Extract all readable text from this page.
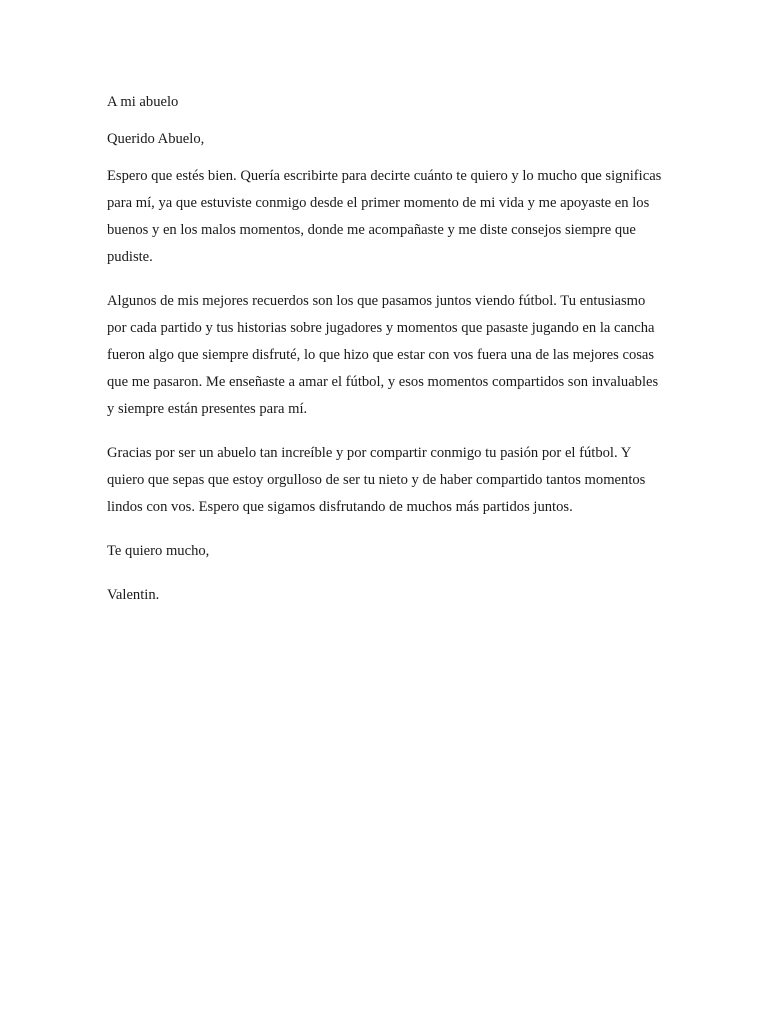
A mi abuelo

Querido Abuelo,

Espero que estés bien. Quería escribirte para decirte cuánto te quiero y lo mucho que significas para mí, ya que estuviste conmigo desde el primer momento de mi vida y me apoyaste en los buenos y en los malos momentos, donde me acompañaste y me diste consejos siempre que pudiste.

Algunos de mis mejores recuerdos son los que pasamos juntos viendo fútbol. Tu entusiasmo por cada partido y tus historias sobre jugadores y momentos que pasaste jugando en la cancha fueron algo que siempre disfruté, lo que hizo que estar con vos fuera una de las mejores cosas que me pasaron. Me enseñaste a amar el fútbol, y esos momentos compartidos son invaluables y siempre están presentes para mí.

Gracias por ser un abuelo tan increíble y por compartir conmigo tu pasión por el fútbol. Y quiero que sepas que estoy orgulloso de ser tu nieto y de haber compartido tantos momentos lindos con vos. Espero que sigamos disfrutando de muchos más partidos juntos.

Te quiero mucho,

Valentin.
